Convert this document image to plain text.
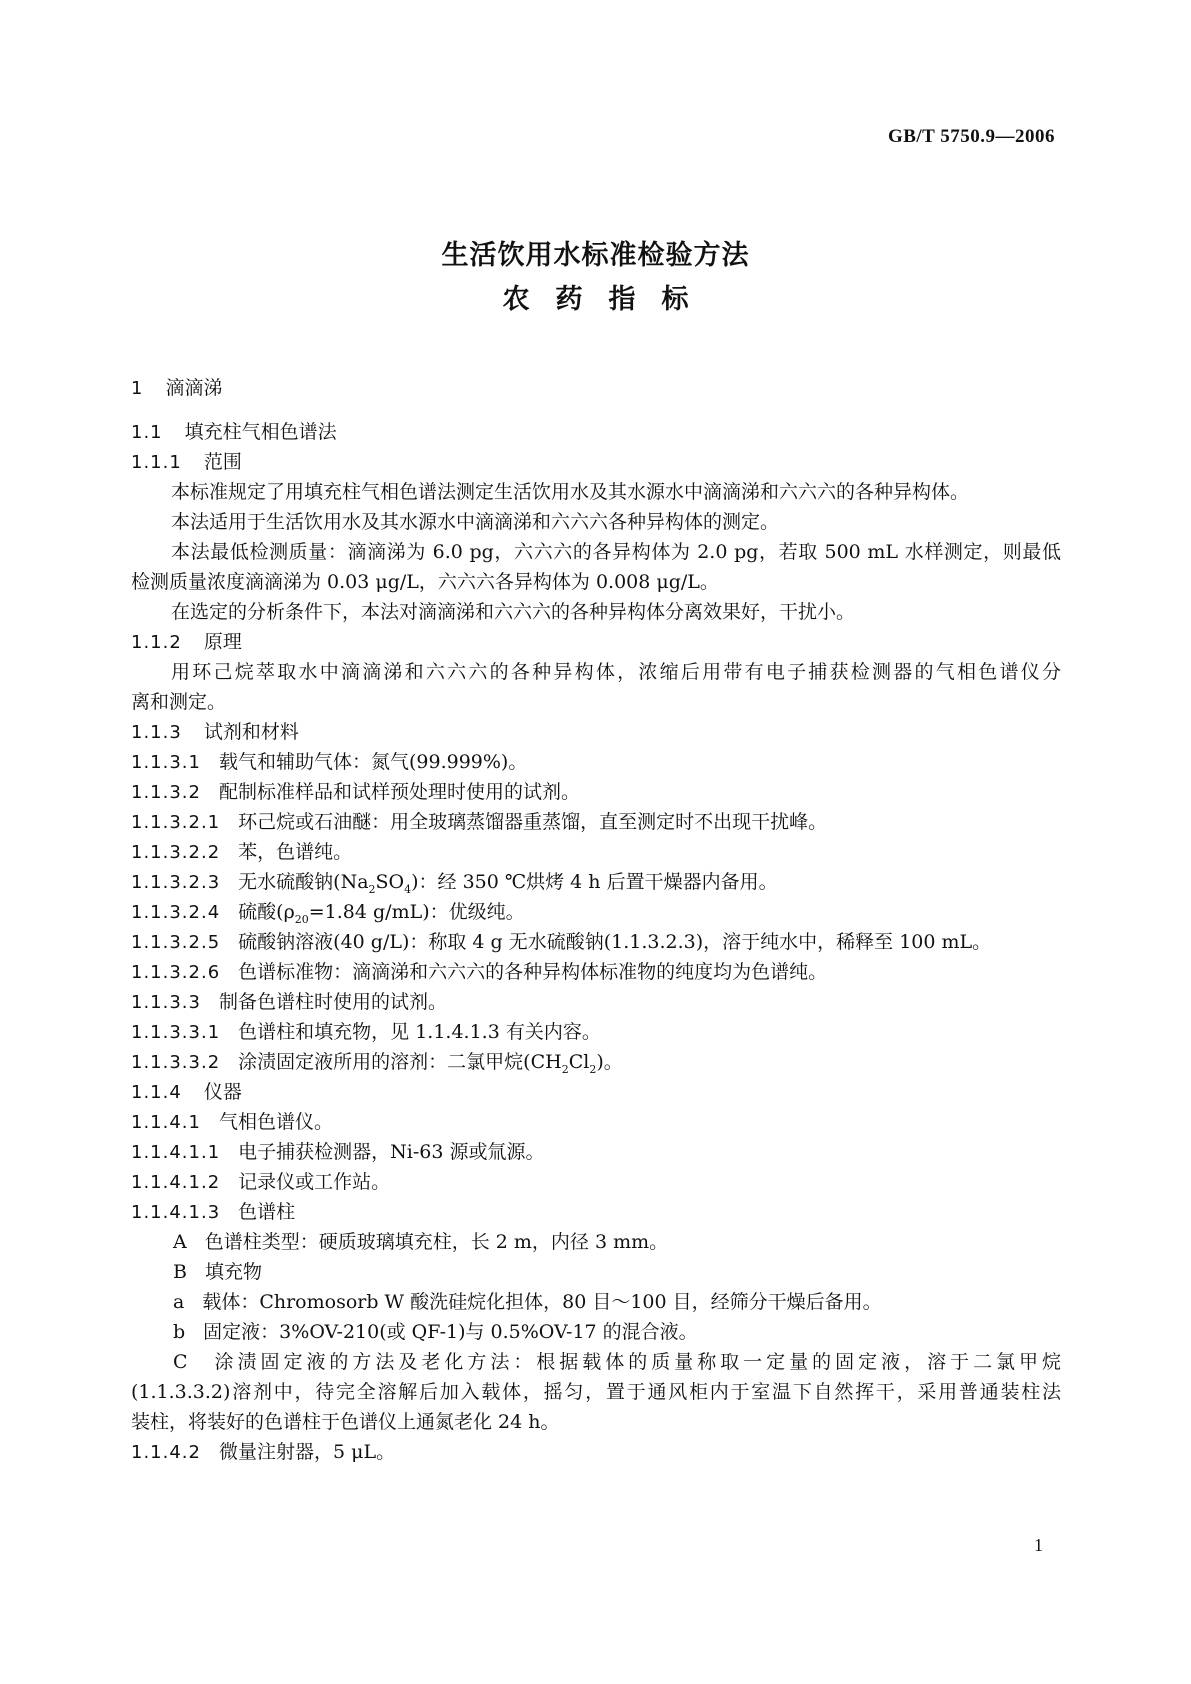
GB/T 5750.9—2006
生活饮用水标准检验方法
农药指标
1 滴滴涕
1.1 填充柱气相色谱法
1.1.1 范围
本标准规定了用填充柱气相色谱法测定生活饮用水及其水源水中滴滴涕和六六六的各种异构体。
本法适用于生活饮用水及其水源水中滴滴涕和六六六各种异构体的测定。
本法最低检测质量：滴滴涕为 6.0 pg，六六六的各异构体为 2.0 pg，若取 500 mL 水样测定，则最低
检测质量浓度滴滴涕为 0.03 μg/L，六六六各异构体为 0.008 μg/L。
在选定的分析条件下，本法对滴滴涕和六六六的各种异构体分离效果好，干扰小。
1.1.2 原理
用环己烷萃取水中滴滴涕和六六六的各种异构体，浓缩后用带有电子捕获检测器的气相色谱仪分
离和测定。
1.1.3 试剂和材料
1.1.3.1 载气和辅助气体：氮气(99.999%)。
1.1.3.2 配制标准样品和试样预处理时使用的试剂。
1.1.3.2.1 环己烷或石油醚：用全玻璃蒸馏器重蒸馏，直至测定时不出现干扰峰。
1.1.3.2.2 苯，色谱纯。
1.1.3.2.3 无水硫酸钠$(Na_2SO_4)$：经 350 ℃烘烤 4 h 后置干燥器内备用。
1.1.3.2.4 硫酸($\rho_{20}=1.84$ g/mL)：优级纯。
1.1.3.2.5 硫酸钠溶液(40 g/L)：称取 4 g 无水硫酸钠(1.1.3.2.3)，溶于纯水中，稀释至 100 mL。
1.1.3.2.6 色谱标准物：滴滴涕和六六六的各种异构体标准物的纯度均为色谱纯。
1.1.3.3 制备色谱柱时使用的试剂。
1.1.3.3.1 色谱柱和填充物，见 1.1.4.1.3 有关内容。
1.1.3.3.2 涂渍固定液所用的溶剂：二氯甲烷$(CH_2Cl_2)$。
1.1.4 仪器
1.1.4.1 气相色谱仪。
1.1.4.1.1 电子捕获检测器，Ni-63 源或氚源。
1.1.4.1.2 记录仪或工作站。
1.1.4.1.3 色谱柱
A 色谱柱类型：硬质玻璃填充柱，长 2 m，内径 3 mm。
B 填充物
a 载体：Chromosorb W 酸洗硅烷化担体，80 目～100 目，经筛分干燥后备用。
b 固定液：3%OV-210(或 QF-1)与 0.5%OV-17 的混合液。
C　涂渍固定液的方法及老化方法：根据载体的质量称取一定量的固定液，溶于二氯甲烷
(1.1.3.3.2)溶剂中，待完全溶解后加入载体，摇匀，置于通风柜内于室温下自然挥干，采用普通装柱法
装柱，将装好的色谱柱于色谱仪上通氮老化 24 h。
1.1.4.2 微量注射器，5 μL。
1
